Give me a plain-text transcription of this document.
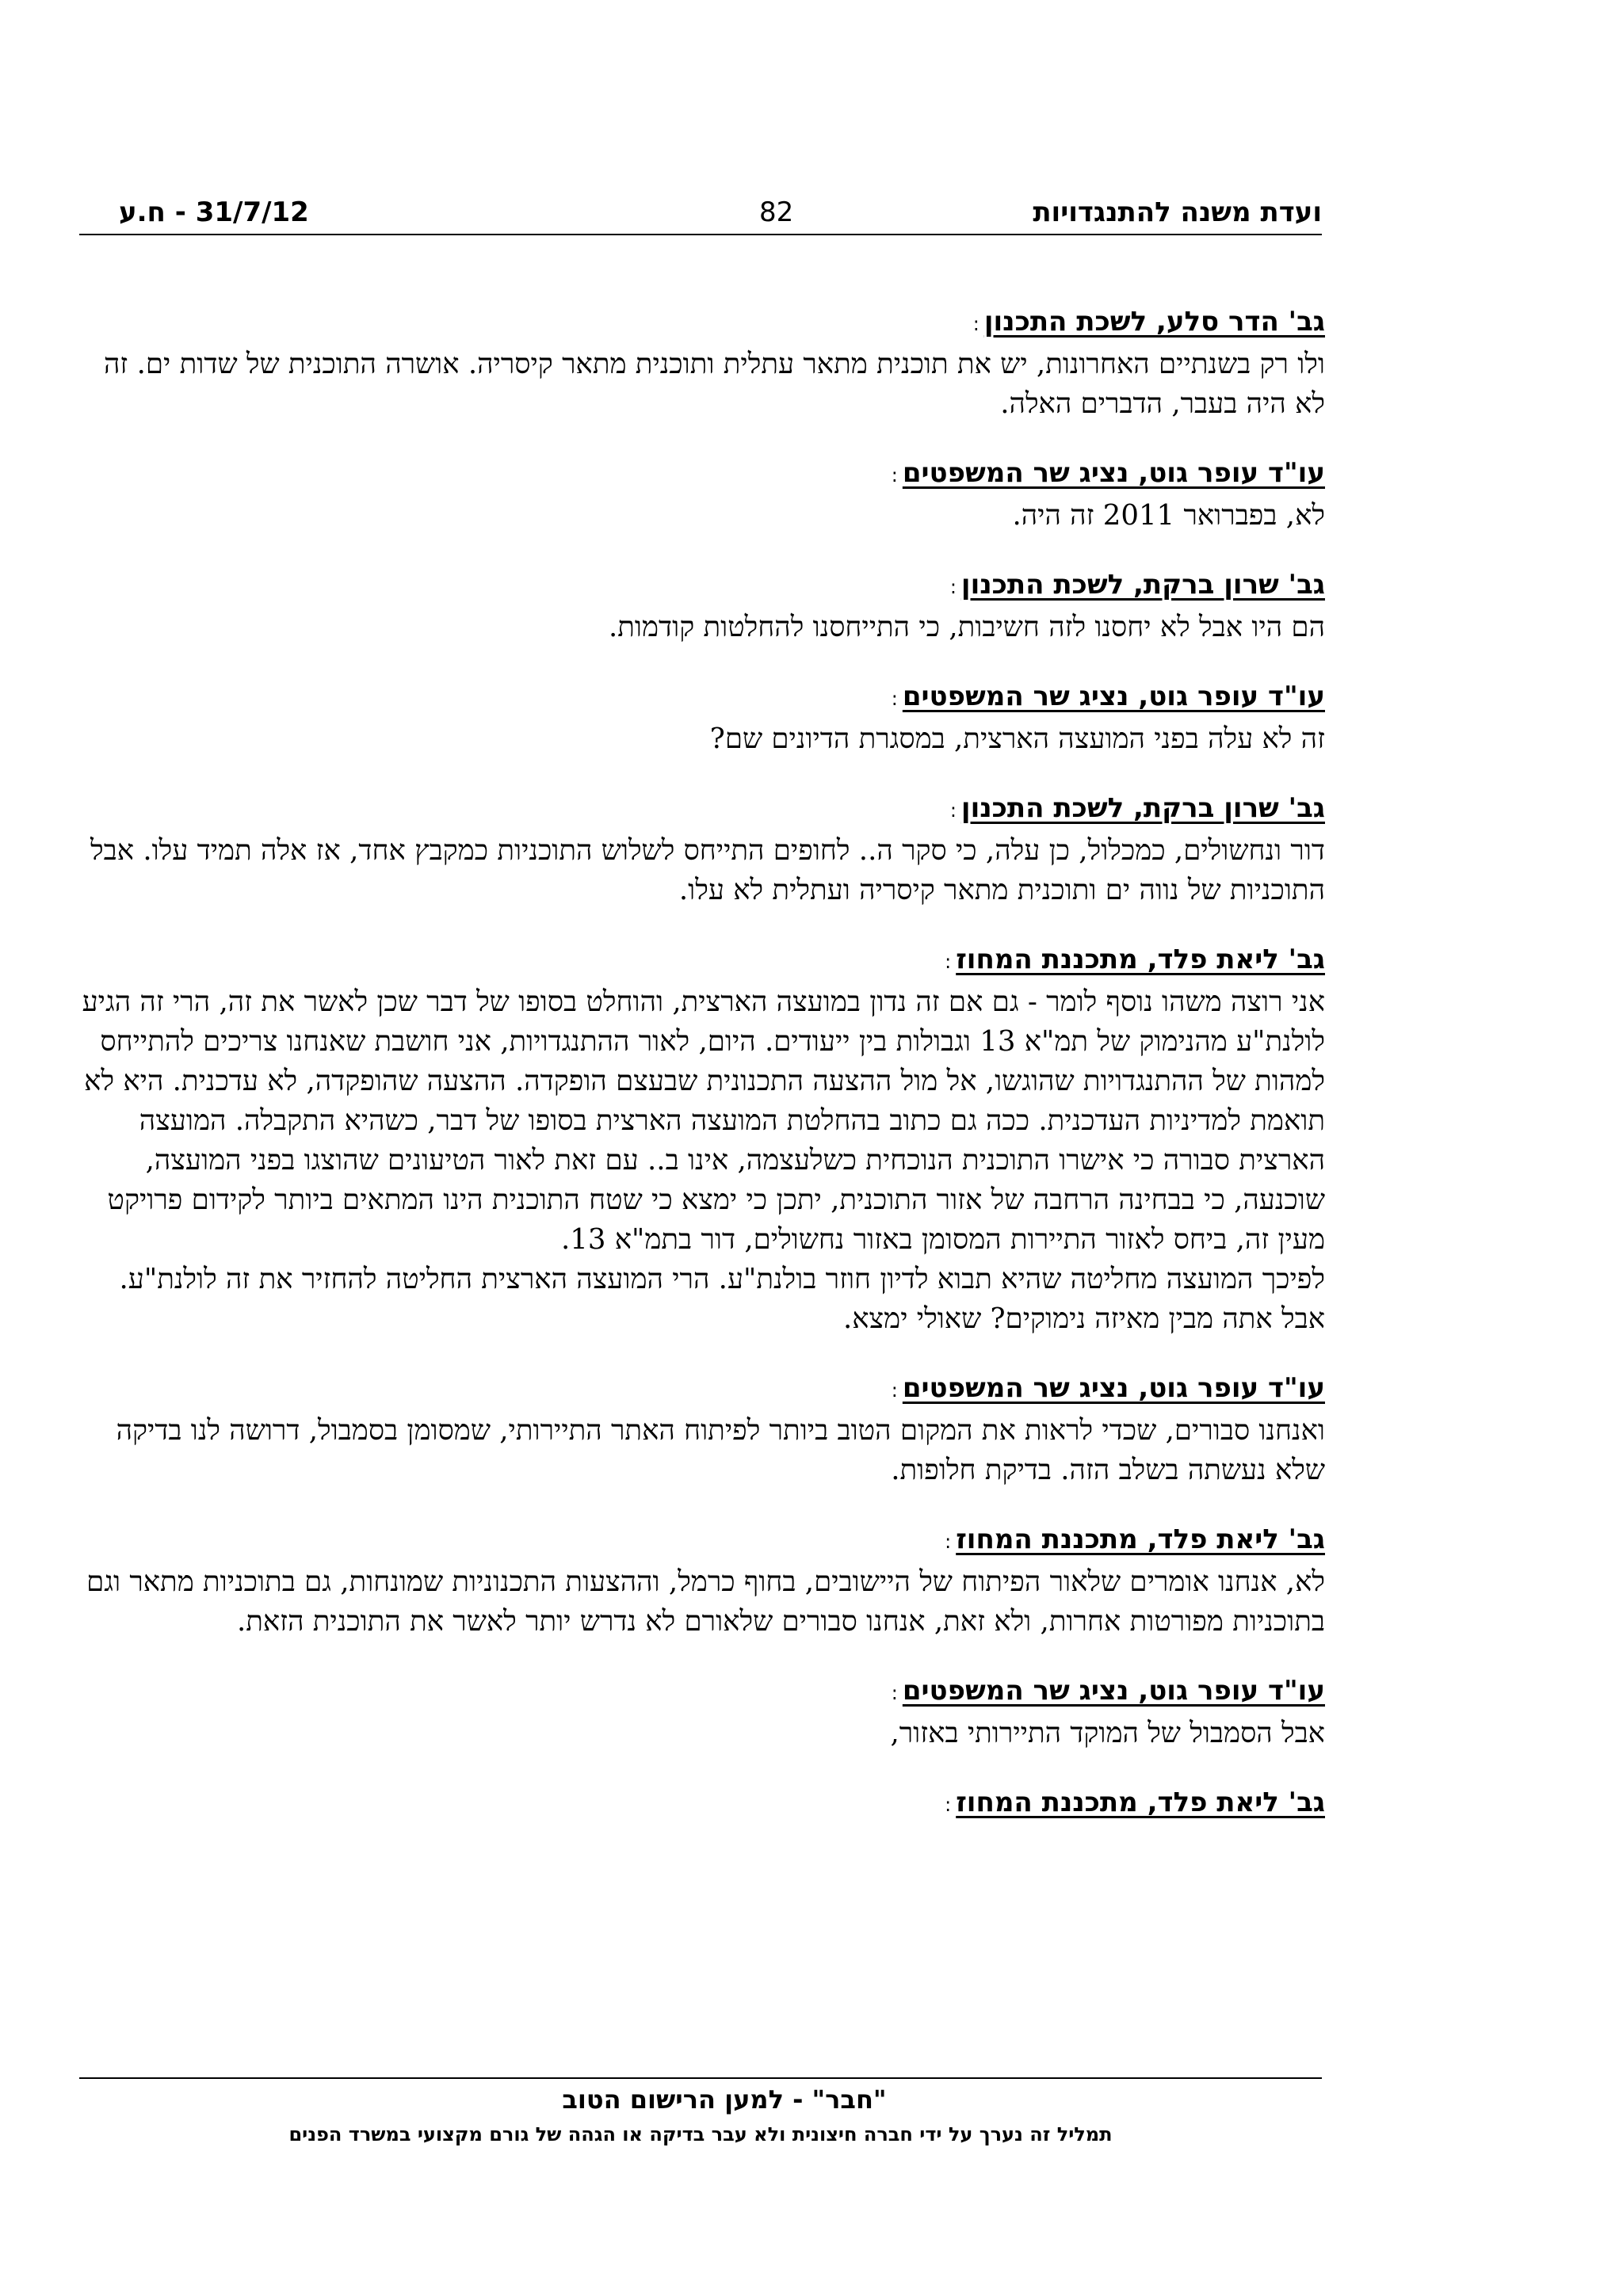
ועדת משנה להתנגדויות
82
31/7/12 - ח.ע
גב' הדר סלע, לשכת התכנון:

ולו רק בשנתיים האחרונות, יש את תוכנית מתאר עתלית ותוכנית מתאר קיסריה. אושרה התוכנית של שדות ים. זה לא היה בעבר, הדברים האלה.

עו"ד עופר גוט, נציג שר המשפטים:

לא, בפברואר 2011 זה היה.

גב' שרון ברקת, לשכת התכנון:

הם היו אבל לא יחסנו לזה חשיבות, כי התייחסנו להחלטות קודמות.

עו"ד עופר גוט, נציג שר המשפטים:

זה לא עלה בפני המועצה הארצית, במסגרת הדיונים שם?

גב' שרון ברקת, לשכת התכנון:

דור ונחשולים, כמכלול, כן עלה, כי סקר ה.. לחופים התייחס לשלוש התוכניות כמקבץ אחד, אז אלה תמיד עלו. אבל התוכניות של נווה ים ותוכנית מתאר קיסריה ועתלית לא עלו.

גב' ליאת פלד, מתכננת המחוז:

אני רוצה משהו נוסף לומר - גם אם זה נדון במועצה הארצית, והוחלט בסופו של דבר שכן לאשר את זה, הרי זה הגיע לולנת"ע מהנימוק של תמ"א 13 וגבולות בין ייעודים. היום, לאור ההתנגדויות, אני חושבת שאנחנו צריכים להתייחס למהות של ההתנגדויות שהוגשו, אל מול ההצעה התכנונית שבעצם הופקדה. ההצעה שהופקדה, לא עדכנית. היא לא תואמת למדיניות העדכנית. ככה גם כתוב בהחלטת המועצה הארצית בסופו של דבר, כשהיא התקבלה. המועצה הארצית סבורה כי אישרו התוכנית הנוכחית כשלעצמה, אינו ב.. עם זאת לאור הטיעונים שהוצגו בפני המועצה, שוכנעה, כי בבחינה הרחבה של אזור התוכנית, יתכן כי ימצא כי שטח התוכנית הינו המתאים ביותר לקידום פרויקט מעין זה, ביחס לאזור התיירות המסומן באזור נחשולים, דור בתמ"א 13.

לפיכך המועצה מחליטה שהיא תבוא לדיון חוזר בולנת"ע. הרי המועצה הארצית החליטה להחזיר את זה לולנת"ע. אבל אתה מבין מאיזה נימוקים? שאולי ימצא.

עו"ד עופר גוט, נציג שר המשפטים:

ואנחנו סבורים, שכדי לראות את המקום הטוב ביותר לפיתוח האתר התיירותי, שמסומן בסמבול, דרושה לנו בדיקה שלא נעשתה בשלב הזה. בדיקת חלופות.

גב' ליאת פלד, מתכננת המחוז:

לא, אנחנו אומרים שלאור הפיתוח של היישובים, בחוף כרמל, וההצעות התכנוניות שמונחות, גם בתוכניות מתאר וגם בתוכניות מפורטות אחרות, ולא זאת, אנחנו סבורים שלאורם לא נדרש יותר לאשר את התוכנית הזאת.

עו"ד עופר גוט, נציג שר המשפטים:

אבל הסמבול של המוקד התיירותי באזור,

גב' ליאת פלד, מתכננת המחוז:
"חבר" - למען הרישום הטוב
תמליל זה נערך על ידי חברה חיצונית ולא עבר בדיקה או הגהה של גורם מקצועי במשרד הפנים
